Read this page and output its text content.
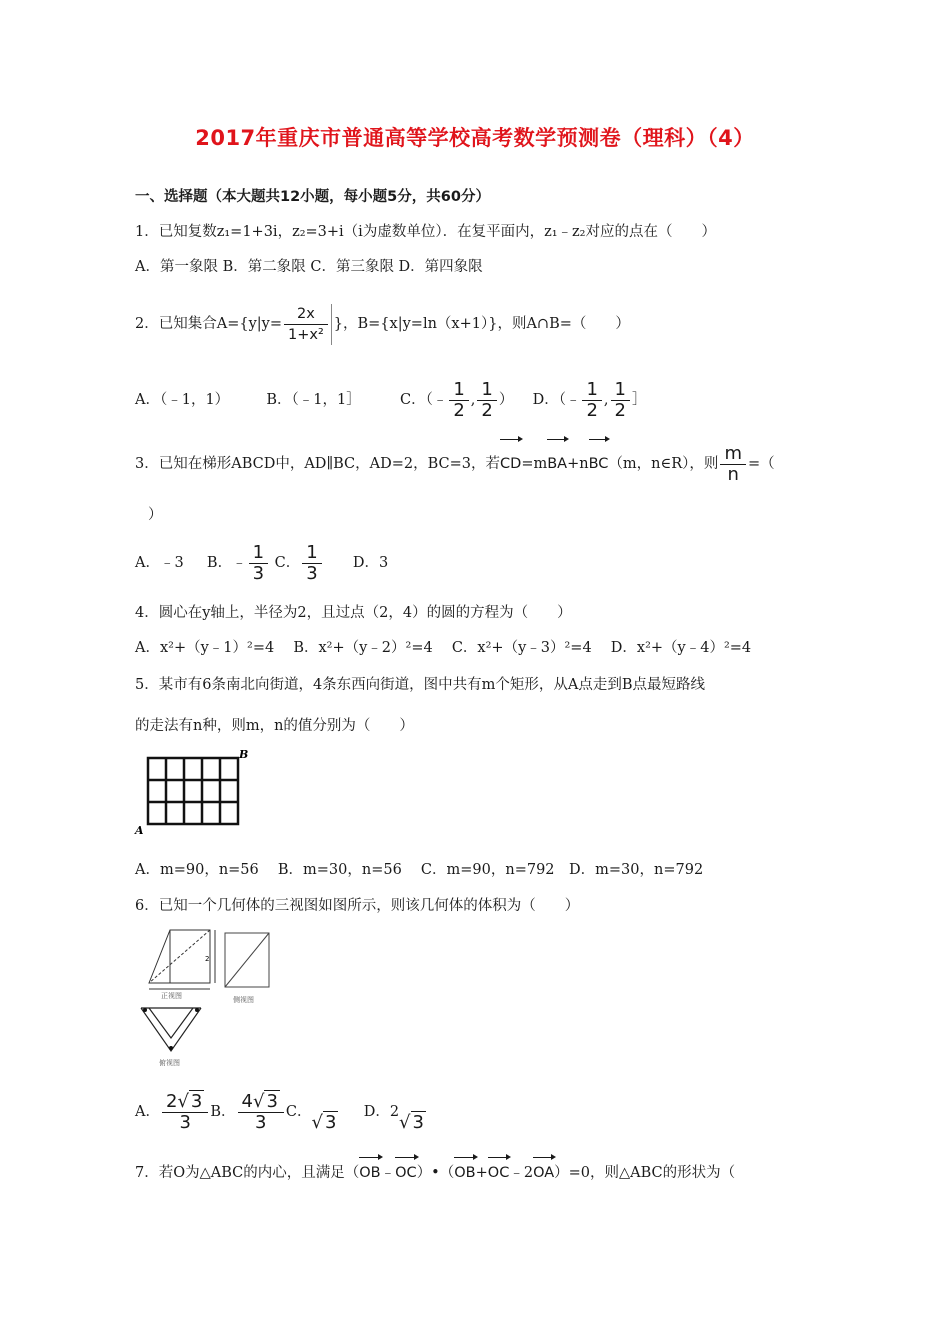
2017年重庆市普通高等学校高考数学预测卷（理科）（4）
一、选择题（本大题共12小题，每小题5分，共60分）
1．已知复数z₁=1+3i，z₂=3+i（i为虚数单位）．在复平面内，z₁﹣z₂对应的点在（　　）
A．第一象限 B．第二象限 C．第三象限 D．第四象限
2．已知集合$A=\{y|y= \frac{2x}{\text{1+x²}}$ }，B={x|y=ln（x+1）}，则A∩B=（　　）
A．（﹣1，1）	B．（﹣1，1］	C．（﹣ $\frac{1}{2}$ , $\frac{1}{2}$ ） D．（﹣ $\frac{1}{2}$ , $\frac{1}{2}$ ］
3．已知在梯形ABCD中，AD∥BC，AD=2，BC=3，若CD=mBA+nBC（m，n∈R），则 $\frac{m}{n}$ =（
）
A．﹣3 B．﹣ $\frac{1}{3}$ C． $\frac{1}{3}$ D．3
4．圆心在y轴上，半径为2，且过点（2，4）的圆的方程为（　　）
A．x²+（y﹣1）²=4　 B．x²+（y﹣2）²=4　 C．x²+（y﹣3）²=4　 D．x²+（y﹣4）²=4
5．某市有6条南北向街道，4条东西向街道，图中共有m个矩形，从A点走到B点最短路线
的走法有n种，则m，n的值分别为（　　）
A
B
A．m=90，n=56　 B．m=30，n=56　 C．m=90，n=792　D．m=30，n=792
6．已知一个几何体的三视图如图所示，则该几何体的体积为（　　）
2
正视图	侧视图
俯视图
A． $\frac{2√ 3}{3}$ B． $\frac{4√ 3}{3}$ C．√ 3 D．2√ 3
7．若O为△ABC的内心，且满足（OB﹣OC）•（OB+OC﹣2OA）=0，则△ABC的形状为（
